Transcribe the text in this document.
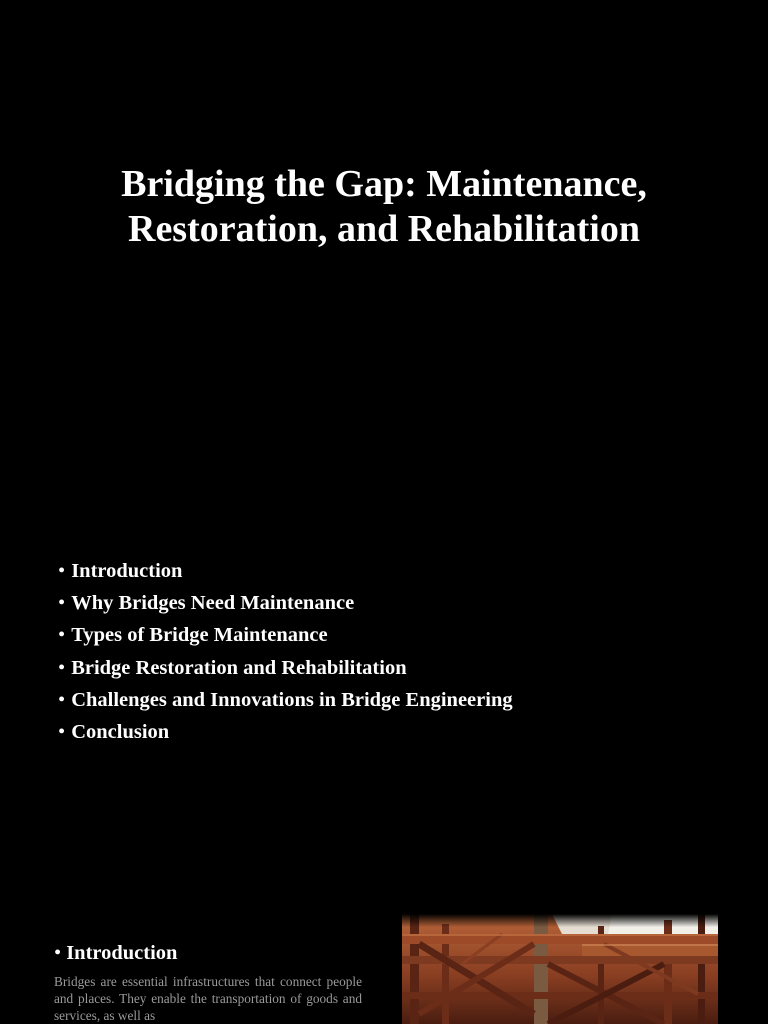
Bridging the Gap: Maintenance, Restoration, and Rehabilitation
• Introduction
• Why Bridges Need Maintenance
• Types of Bridge Maintenance
• Bridge Restoration and Rehabilitation
• Challenges and Innovations in Bridge Engineering
• Conclusion
• Introduction

Bridges are essential infrastructures that connect people and places. They enable the transportation of goods and services, as well as
